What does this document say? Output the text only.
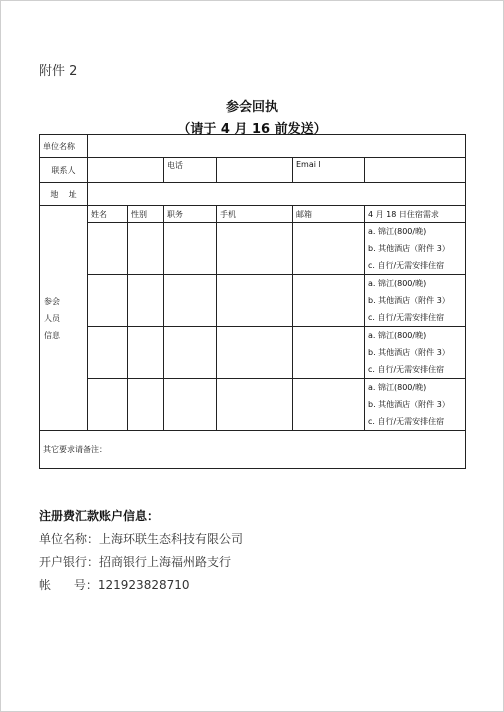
附件 2
参会回执
（请于 4 月 16 前发送）
单位名称						
联系人			电话		Emai l	
地    址						

参会
人员
信息	姓名	性别	职务	手机	邮箱	4 月 18 日住宿需求

						a. 锦江(800/晚)
b. 其他酒店（附件 3）
c. 自行/无需安排住宿

						a. 锦江(800/晚)
b. 其他酒店（附件 3）
c. 自行/无需安排住宿

						a. 锦江(800/晚)
b. 其他酒店（附件 3）
c. 自行/无需安排住宿

						a. 锦江(800/晚)
b. 其他酒店（附件 3）
c. 自行/无需安排住宿

其它要求请备注：						
注册费汇款账户信息：
单位名称：上海环联生态科技有限公司
开户银行：招商银行上海福州路支行
帐      号：121923828710
